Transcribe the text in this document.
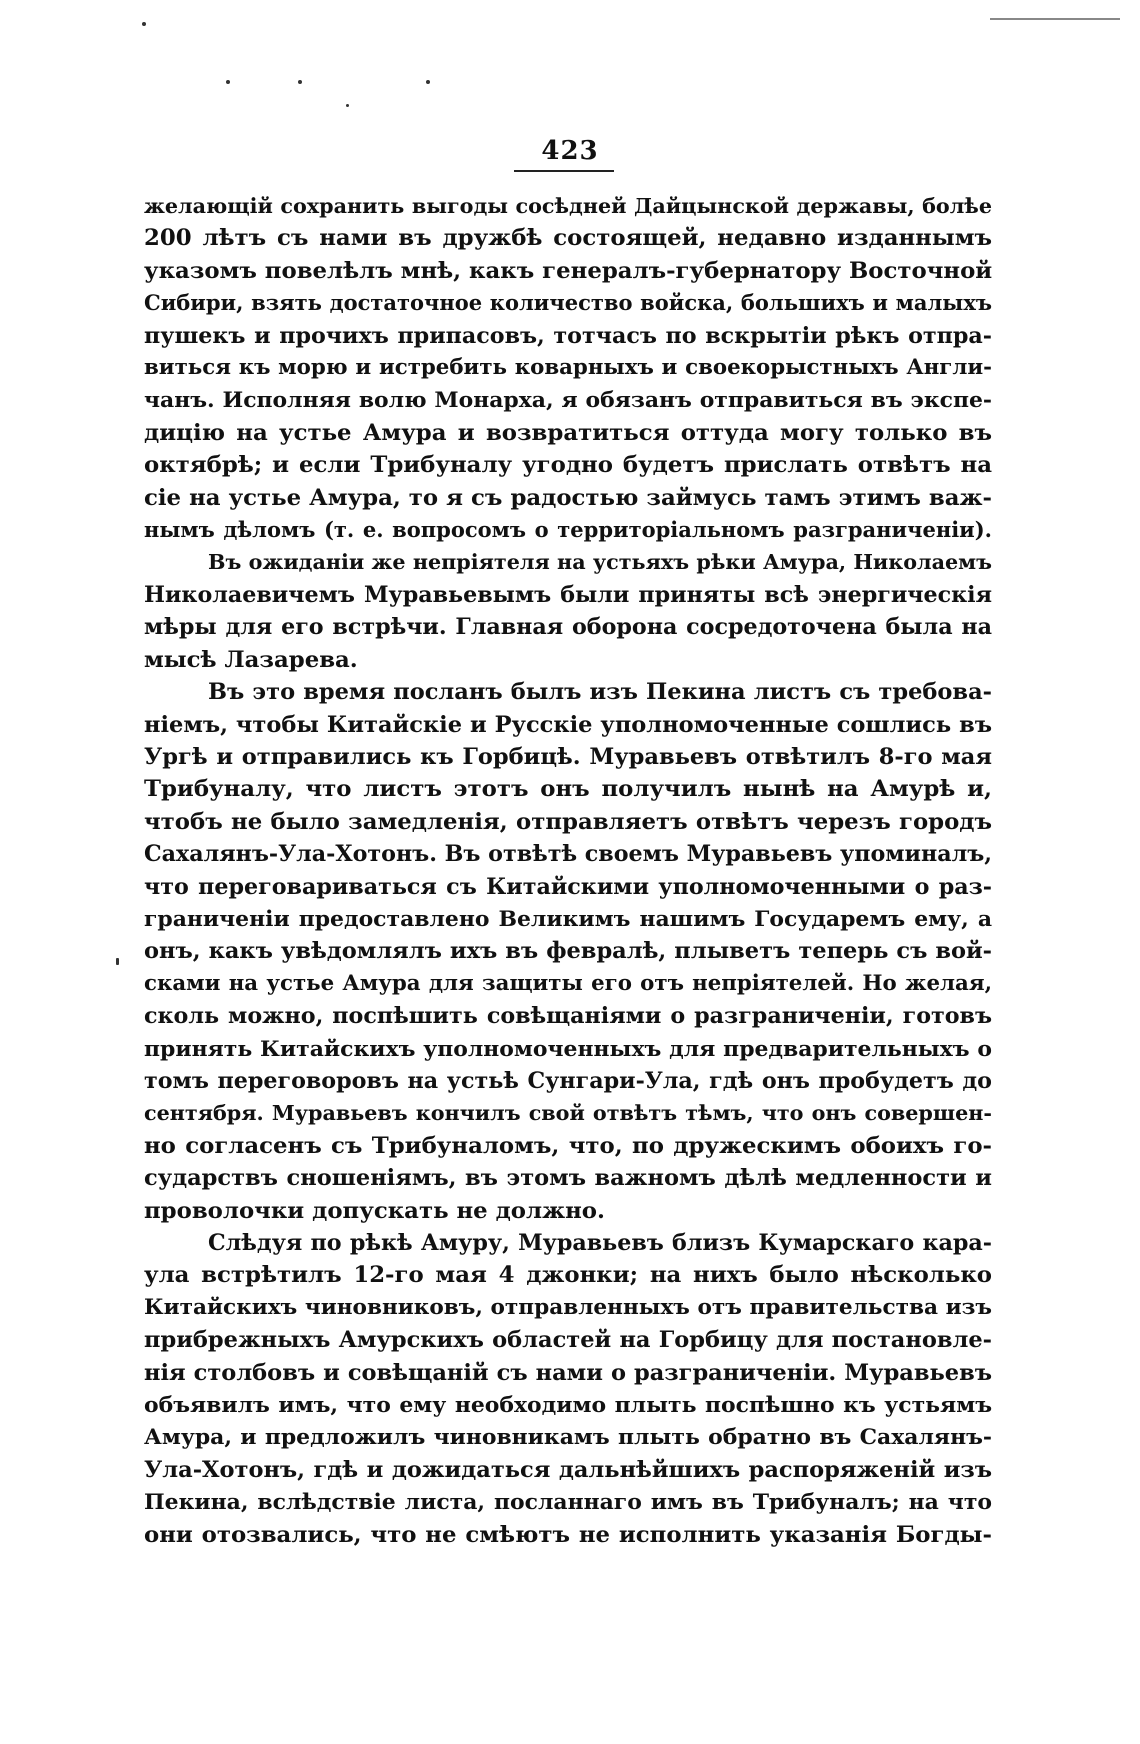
423

желающій сохранить выгоды сосѣдней Дайцынской державы, болѣе
200 лѣтъ съ нами въ дружбѣ состоящей, недавно изданнымъ
указомъ повелѣлъ мнѣ, какъ генералъ-губернатору Восточной
Сибири, взять достаточное количество войска, большихъ и малыхъ
пушекъ и прочихъ припасовъ, тотчасъ по вскрытіи рѣкъ отпра-
виться къ морю и истребить коварныхъ и своекорыстныхъ Англи-
чанъ. Исполняя волю Монарха, я обязанъ отправиться въ экспе-
дицію на устье Амура и возвратиться оттуда могу только въ
октябрѣ; и если Трибуналу угодно будетъ прислать отвѣтъ на
сіе на устье Амура, то я съ радостью займусь тамъ этимъ важ-
нымъ дѣломъ (т. е. вопросомъ о территоріальномъ разграниченіи).

Въ ожиданіи же непріятеля на устьяхъ рѣки Амура, Николаемъ
Николаевичемъ Муравьевымъ были приняты всѣ энергическія
мѣры для его встрѣчи. Главная оборона сосредоточена была на
мысѣ Лазарева.

Въ это время посланъ былъ изъ Пекина листъ съ требова-
ніемъ, чтобы Китайскіе и Русскіе уполномоченные сошлись въ
Ургѣ и отправились къ Горбицѣ. Муравьевъ отвѣтилъ 8-го мая
Трибуналу, что листъ этотъ онъ получилъ нынѣ на Амурѣ и,
чтобъ не было замедленія, отправляетъ отвѣтъ черезъ городъ
Сахалянъ-Ула-Хотонъ. Въ отвѣтѣ своемъ Муравьевъ упоминалъ,
что переговариваться съ Китайскими уполномоченными о раз-
граниченіи предоставлено Великимъ нашимъ Государемъ ему, а
онъ, какъ увѣдомлялъ ихъ въ февралѣ, плыветъ теперь съ вой-
сками на устье Амура для защиты его отъ непріятелей. Но желая,
сколь можно, поспѣшить совѣщаніями о разграниченіи, готовъ
принять Китайскихъ уполномоченныхъ для предварительныхъ о
томъ переговоровъ на устьѣ Сунгари-Ула, гдѣ онъ пробудетъ до
сентября. Муравьевъ кончилъ свой отвѣтъ тѣмъ, что онъ совершен-
но согласенъ съ Трибуналомъ, что, по дружескимъ обоихъ го-
сударствъ сношеніямъ, въ этомъ важномъ дѣлѣ медленности и
проволочки допускать не должно.

Слѣдуя по рѣкѣ Амуру, Муравьевъ близъ Кумарскаго кара-
ула встрѣтилъ 12-го мая 4 джонки; на нихъ было нѣсколько
Китайскихъ чиновниковъ, отправленныхъ отъ правительства изъ
прибрежныхъ Амурскихъ областей на Горбицу для постановле-
нія столбовъ и совѣщаній съ нами о разграниченіи. Муравьевъ
объявилъ имъ, что ему необходимо плыть поспѣшно къ устьямъ
Амура, и предложилъ чиновникамъ плыть обратно въ Сахалянъ-
Ула-Хотонъ, гдѣ и дожидаться дальнѣйшихъ распоряженій изъ
Пекина, вслѣдствіе листа, посланнаго имъ въ Трибуналъ; на что
они отозвались, что не смѣютъ не исполнить указанія Богды-
